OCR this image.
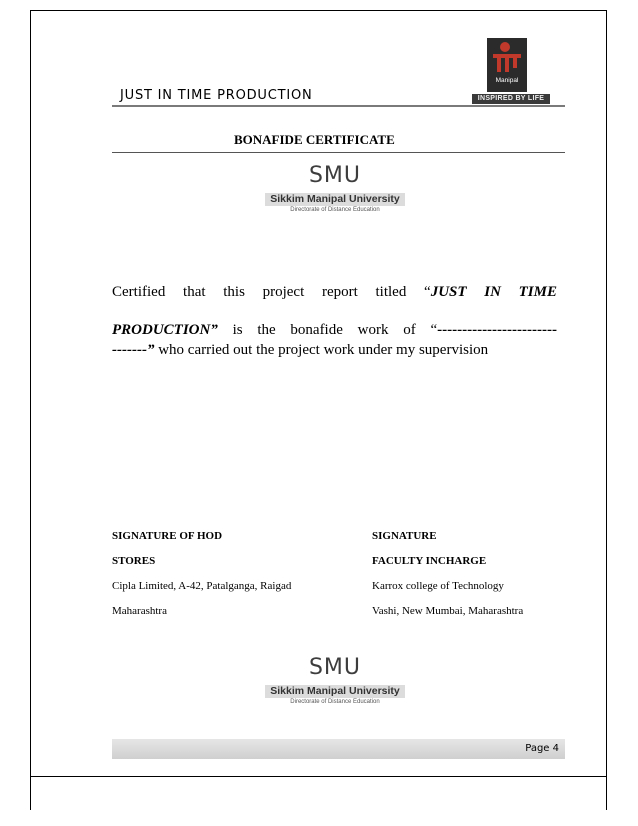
JUST IN TIME PRODUCTION
Manipal
INSPIRED BY LIFE
BONAFIDE CERTIFICATE
SMU
Sikkim Manipal University
Directorate of Distance Education

Certified that this project report titled “JUST IN TIME

PRODUCTION” is the bonafide work of “------------------------

-------” who carried out the project work under my supervision

SIGNATURE OF HOD
STORES
Cipla Limited, A-42, Patalganga, Raigad
Maharashtra
SIGNATURE
FACULTY INCHARGE
Karrox college of Technology
Vashi, New Mumbai, Maharashtra
SMU
Sikkim Manipal University
Directorate of Distance Education
Page 4
